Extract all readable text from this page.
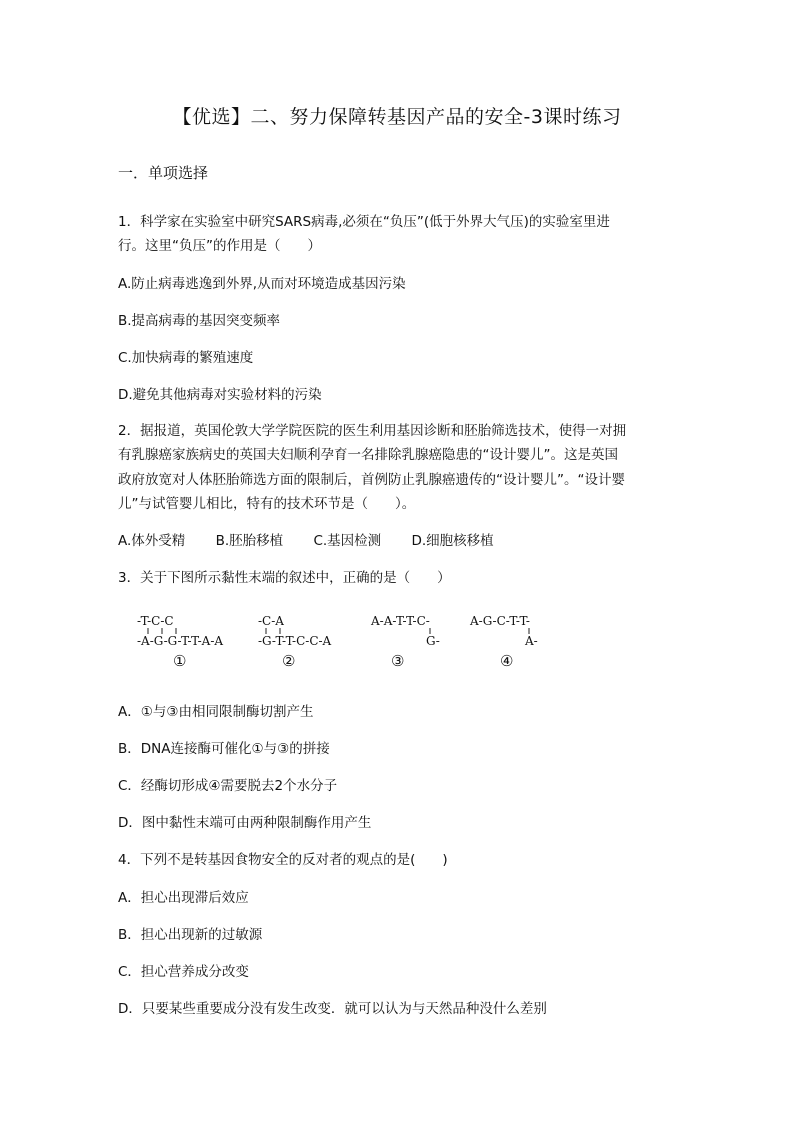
【优选】二、努力保障转基因产品的安全-3课时练习
一．单项选择
1．科学家在实验室中研究SARS病毒,必须在“负压”(低于外界大气压)的实验室里进
行。这里“负压”的作用是（　　）
A.防止病毒逃逸到外界,从而对环境造成基因污染
B.提高病毒的基因突变频率
C.加快病毒的繁殖速度
D.避免其他病毒对实验材料的污染
2．据报道，英国伦敦大学学院医院的医生利用基因诊断和胚胎筛选技术，使得一对拥
有乳腺癌家族病史的英国夫妇顺利孕育一名排除乳腺癌隐患的“设计婴儿”。这是英国
政府放宽对人体胚胎筛选方面的限制后，首例防止乳腺癌遗传的“设计婴儿”。“设计婴
儿”与试管婴儿相比，特有的技术环节是（　　）。
A.体外受精 B.胚胎移植 C.基因检测 D.细胞核移植
3．关于下图所示黏性末端的叙述中，正确的是（　　）
-T-C-C
-A-G-G-T-T-A-A
①
-C-A
-G-T-T-C-C-A
②
A-A-T-T-C-
G-
③
A-G-C-T-T-
A-
④
A．①与③由相同限制酶切割产生
B．DNA连接酶可催化①与③的拼接
C．经酶切形成④需要脱去2个水分子
D．图中黏性末端可由两种限制酶作用产生
4．下列不是转基因食物安全的反对者的观点的是(　　)
A．担心出现滞后效应
B．担心出现新的过敏源
C．担心营养成分改变
D．只要某些重要成分没有发生改变．就可以认为与天然品种没什么差别
